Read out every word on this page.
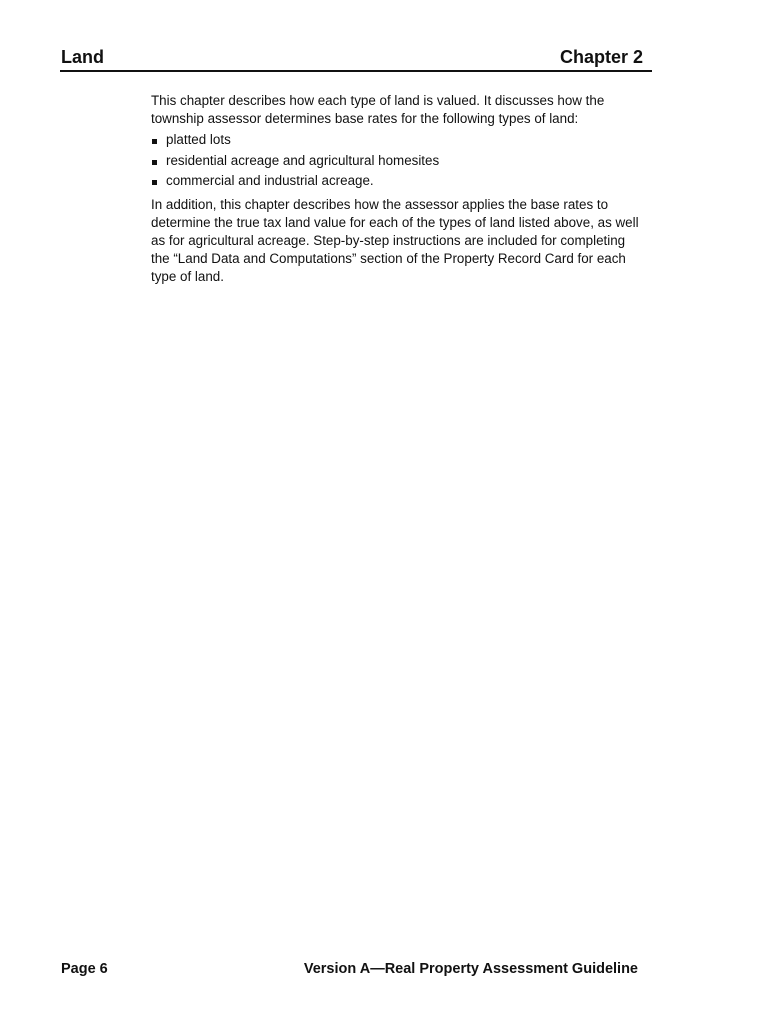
Land	Chapter 2

This chapter describes how each type of land is valued. It discusses how the township assessor determines base rates for the following types of land:

platted lots
residential acreage and agricultural homesites
commercial and industrial acreage.

In addition, this chapter describes how the assessor applies the base rates to determine the true tax land value for each of the types of land listed above, as well as for agricultural acreage. Step-by-step instructions are included for completing the “Land Data and Computations” section of the Property Record Card for each type of land.

Page 6	Version A—Real Property Assessment Guideline
